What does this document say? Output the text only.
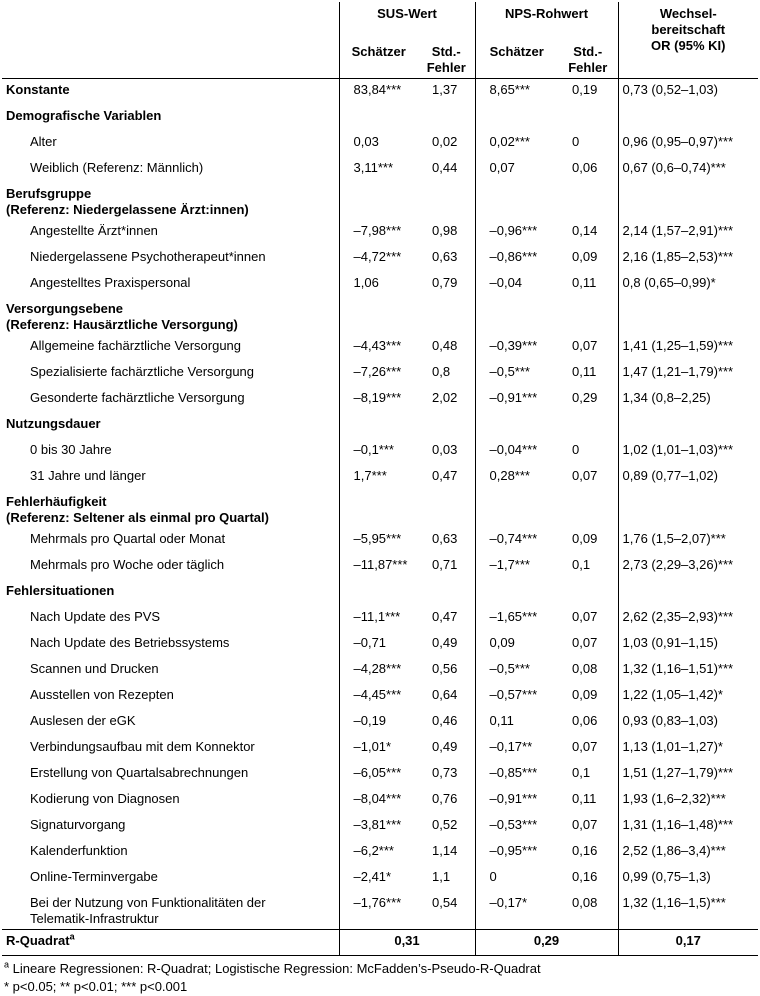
	SUS-Wert		NPS-Rohwert		Wechsel-
bereitschaft
OR (95% KI)
	Schätzer	Std.-
Fehler	Schätzer	Std.-
Fehler	
Konstante	83,84***	1,37	8,65***	0,19	0,73 (0,52–1,03)
Demografische Variablen					
Alter	0,03	0,02	0,02***	0	0,96 (0,95–0,97)***
Weiblich (Referenz: Männlich)	3,11***	0,44	0,07	0,06	0,67 (0,6–0,74)***
Berufsgruppe
(Referenz: Niedergelassene Ärzt:innen)					
Angestellte Ärzt*innen	–7,98***	0,98	–0,96***	0,14	2,14 (1,57–2,91)***
Niedergelassene Psychotherapeut*innen	–4,72***	0,63	–0,86***	0,09	2,16 (1,85–2,53)***
Angestelltes Praxispersonal	1,06	0,79	–0,04	0,11	0,8 (0,65–0,99)*
Versorgungsebene
(Referenz: Hausärztliche Versorgung)					
Allgemeine fachärztliche Versorgung	–4,43***	0,48	–0,39***	0,07	1,41 (1,25–1,59)***
Spezialisierte fachärztliche Versorgung	–7,26***	0,8	–0,5***	0,11	1,47 (1,21–1,79)***
Gesonderte fachärztliche Versorgung	–8,19***	2,02	–0,91***	0,29	1,34 (0,8–2,25)
Nutzungsdauer					
0 bis 30 Jahre	–0,1***	0,03	–0,04***	0	1,02 (1,01–1,03)***
31 Jahre und länger	1,7***	0,47	0,28***	0,07	0,89 (0,77–1,02)
Fehlerhäufigkeit
(Referenz: Seltener als einmal pro Quartal)					
Mehrmals pro Quartal oder Monat	–5,95***	0,63	–0,74***	0,09	1,76 (1,5–2,07)***
Mehrmals pro Woche oder täglich	–11,87***	0,71	–1,7***	0,1	2,73 (2,29–3,26)***
Fehlersituationen					
Nach Update des PVS	–11,1***	0,47	–1,65***	0,07	2,62 (2,35–2,93)***
Nach Update des Betriebssystems	–0,71	0,49	0,09	0,07	1,03 (0,91–1,15)
Scannen und Drucken	–4,28***	0,56	–0,5***	0,08	1,32 (1,16–1,51)***
Ausstellen von Rezepten	–4,45***	0,64	–0,57***	0,09	1,22 (1,05–1,42)*
Auslesen der eGK	–0,19	0,46	0,11	0,06	0,93 (0,83–1,03)
Verbindungsaufbau mit dem Konnektor	–1,01*	0,49	–0,17**	0,07	1,13 (1,01–1,27)*
Erstellung von Quartalsabrechnungen	–6,05***	0,73	–0,85***	0,1	1,51 (1,27–1,79)***
Kodierung von Diagnosen	–8,04***	0,76	–0,91***	0,11	1,93 (1,6–2,32)***
Signaturvorgang	–3,81***	0,52	–0,53***	0,07	1,31 (1,16–1,48)***
Kalenderfunktion	–6,2***	1,14	–0,95***	0,16	2,52 (1,86–3,4)***
Online-Terminvergabe	–2,41*	1,1	0	0,16	0,99 (0,75–1,3)
Bei der Nutzung von Funktionalitäten der
Telematik-Infrastruktur	–1,76***	0,54	–0,17*	0,08	1,32 (1,16–1,5)***
R-Quadrat$^a$	0,31		0,29		0,17
$^a$ Lineare Regressionen: R-Quadrat; Logistische Regression: McFadden’s-Pseudo-R-Quadrat
* p<0.05; ** p<0.01; *** p<0.001
